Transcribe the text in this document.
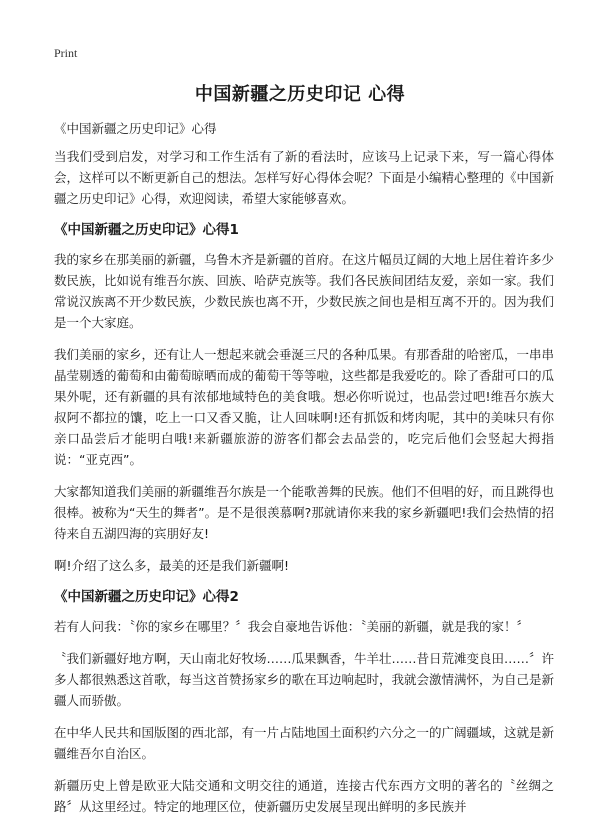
Print
中国新疆之历史印记 心得

《中国新疆之历史印记》心得

当我们受到启发，对学习和工作生活有了新的看法时，应该马上记录下来，写一篇心得体会，这样可以不断更新自己的想法。怎样写好心得体会呢？下面是小编精心整理的《中国新疆之历史印记》心得，欢迎阅读，希望大家能够喜欢。

《中国新疆之历史印记》心得1

我的家乡在那美丽的新疆，乌鲁木齐是新疆的首府。在这片幅员辽阔的大地上居住着许多少数民族，比如说有维吾尔族、回族、哈萨克族等。我们各民族间团结友爱，亲如一家。我们常说汉族离不开少数民族，少数民族也离不开，少数民族之间也是相互离不开的。因为我们是一个大家庭。

我们美丽的家乡，还有让人一想起来就会垂涎三尺的各种瓜果。有那香甜的哈密瓜，一串串晶莹剔透的葡萄和由葡萄晾晒而成的葡萄干等等啦，这些都是我爱吃的。除了香甜可口的瓜果外呢，还有新疆的具有浓郁地域特色的美食哦。想必你听说过，也品尝过吧!维吾尔族大叔阿不都拉的馕，吃上一口又香又脆，让人回味啊!还有抓饭和烤肉呢，其中的美味只有你亲口品尝后才能明白哦!来新疆旅游的游客们都会去品尝的，吃完后他们会竖起大拇指说：“亚克西”。

大家都知道我们美丽的新疆维吾尔族是一个能歌善舞的民族。他们不但唱的好，而且跳得也很棒。被称为“天生的舞者”。是不是很羡慕啊?那就请你来我的家乡新疆吧!我们会热情的招待来自五湖四海的宾朋好友!

啊!介绍了这么多，最美的还是我们新疆啊!

《中国新疆之历史印记》心得2

若有人问我：〝你的家乡在哪里？〞我会自豪地告诉他：〝美丽的新疆，就是我的家！〞

〝我们新疆好地方啊，天山南北好牧场……瓜果飘香，牛羊壮……昔日荒滩变良田……〞许多人都很熟悉这首歌，每当这首赞扬家乡的歌在耳边响起时，我就会激情满怀，为自己是新疆人而骄傲。

在中华人民共和国版图的西北部，有一片占陆地国土面积约六分之一的广阔疆域，这就是新疆维吾尔自治区。

新疆历史上曾是欧亚大陆交通和文明交往的通道，连接古代东西方文明的著名的〝丝绸之路〞从这里经过。特定的地理区位，使新疆历史发展呈现出鲜明的多民族并
